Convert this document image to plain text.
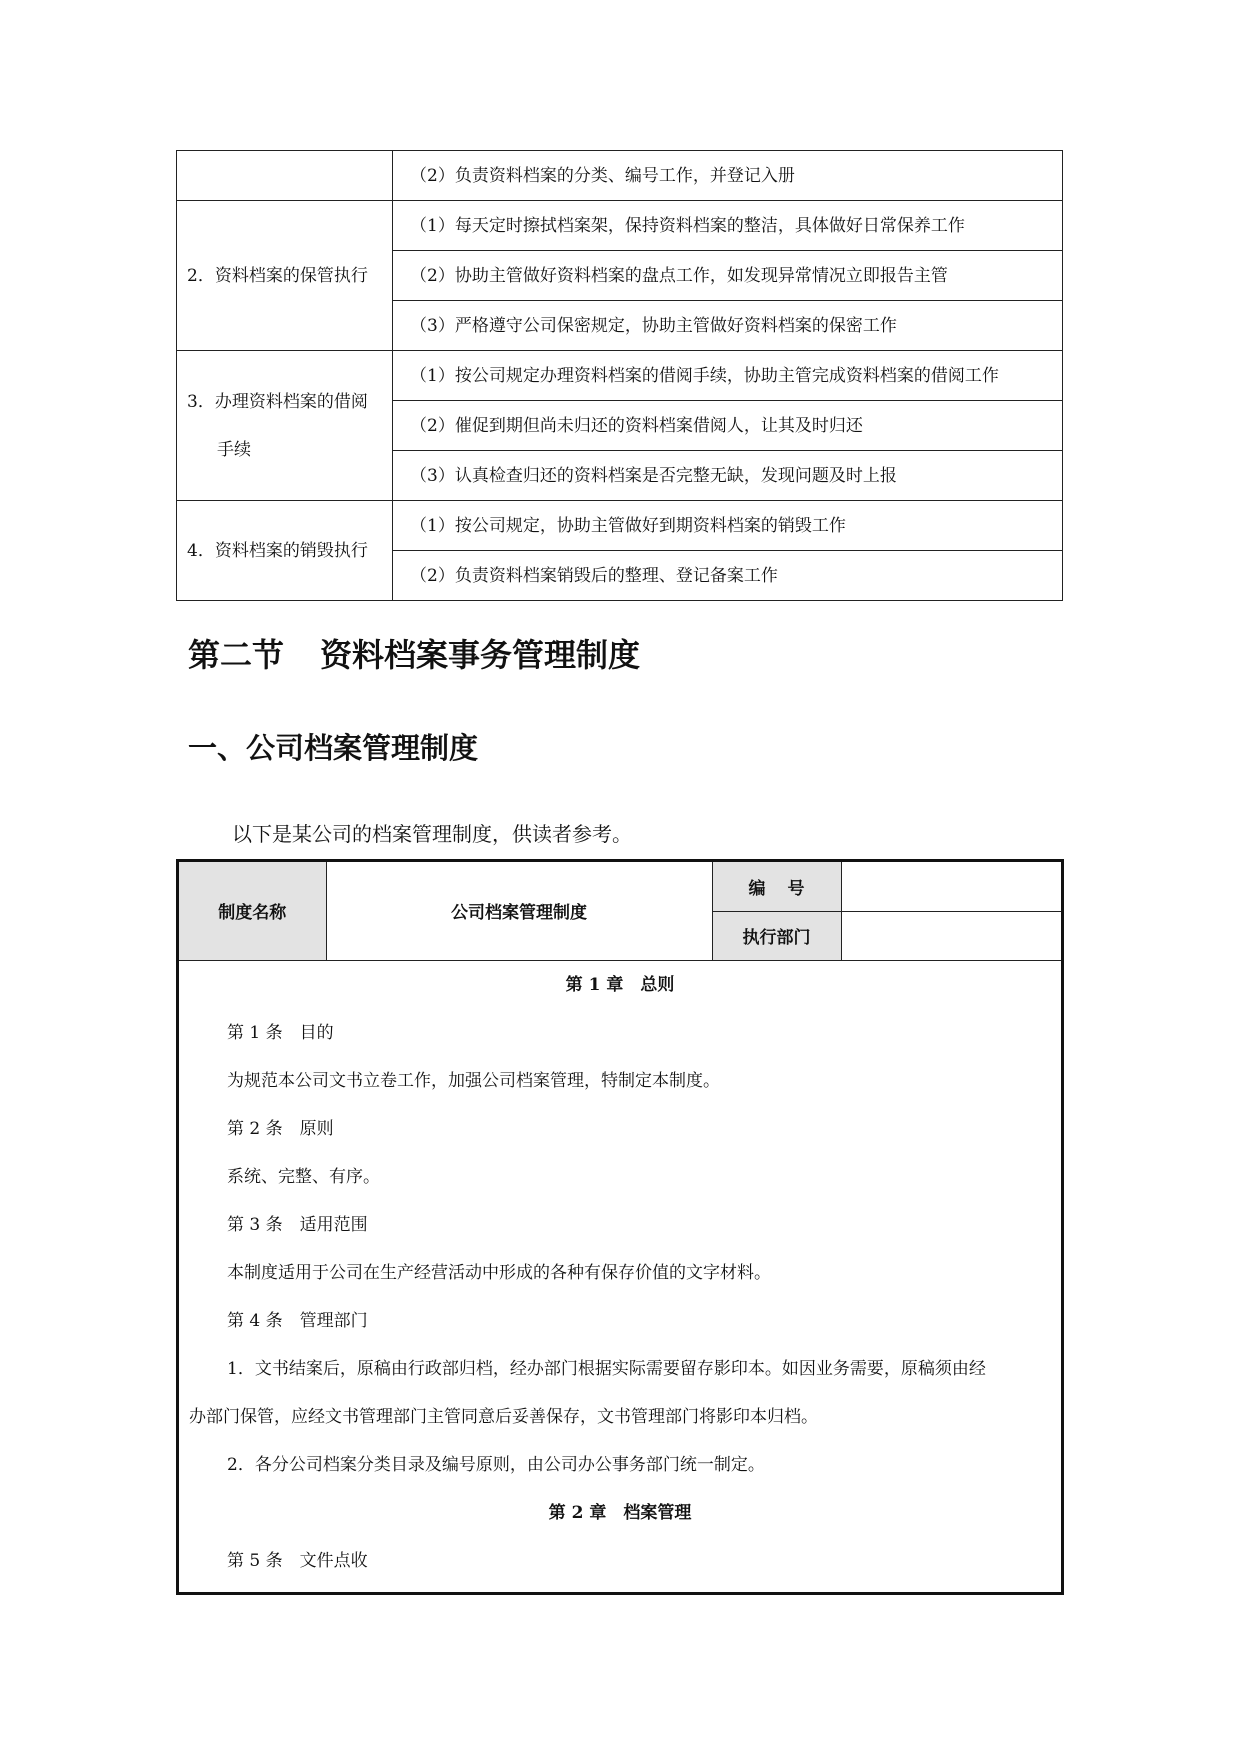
	（2）负责资料档案的分类、编号工作，并登记入册
2．资料档案的保管执行	（1）每天定时擦拭档案架，保持资料档案的整洁，具体做好日常保养工作
	（2）协助主管做好资料档案的盘点工作，如发现异常情况立即报告主管
	（3）严格遵守公司保密规定，协助主管做好资料档案的保密工作

3．办理资料档案的借阅
手续	（1）按公司规定办理资料档案的借阅手续，协助主管完成资料档案的借阅工作
	（2）催促到期但尚未归还的资料档案借阅人，让其及时归还
	（3）认真检查归还的资料档案是否完整无缺，发现问题及时上报
4．资料档案的销毁执行	（1）按公司规定，协助主管做好到期资料档案的销毁工作
	（2）负责资料档案销毁后的整理、登记备案工作
第二节 资料档案事务管理制度
一、公司档案管理制度

以下是某公司的档案管理制度，供读者参考。

制度名称	公司档案管理制度	编号	
		执行部门	
第 1 章　总则
第 1 条　目的
为规范本公司文书立卷工作，加强公司档案管理，特制定本制度。
第 2 条　原则
系统、完整、有序。
第 3 条　适用范围
本制度适用于公司在生产经营活动中形成的各种有保存价值的文字材料。
第 4 条　管理部门
1．文书结案后，原稿由行政部归档，经办部门根据实际需要留存影印本。如因业务需要，原稿须由经
办部门保管，应经文书管理部门主管同意后妥善保存，文书管理部门将影印本归档。
2．各分公司档案分类目录及编号原则，由公司办公事务部门统一制定。
第 2 章　档案管理
第 5 条　文件点收
